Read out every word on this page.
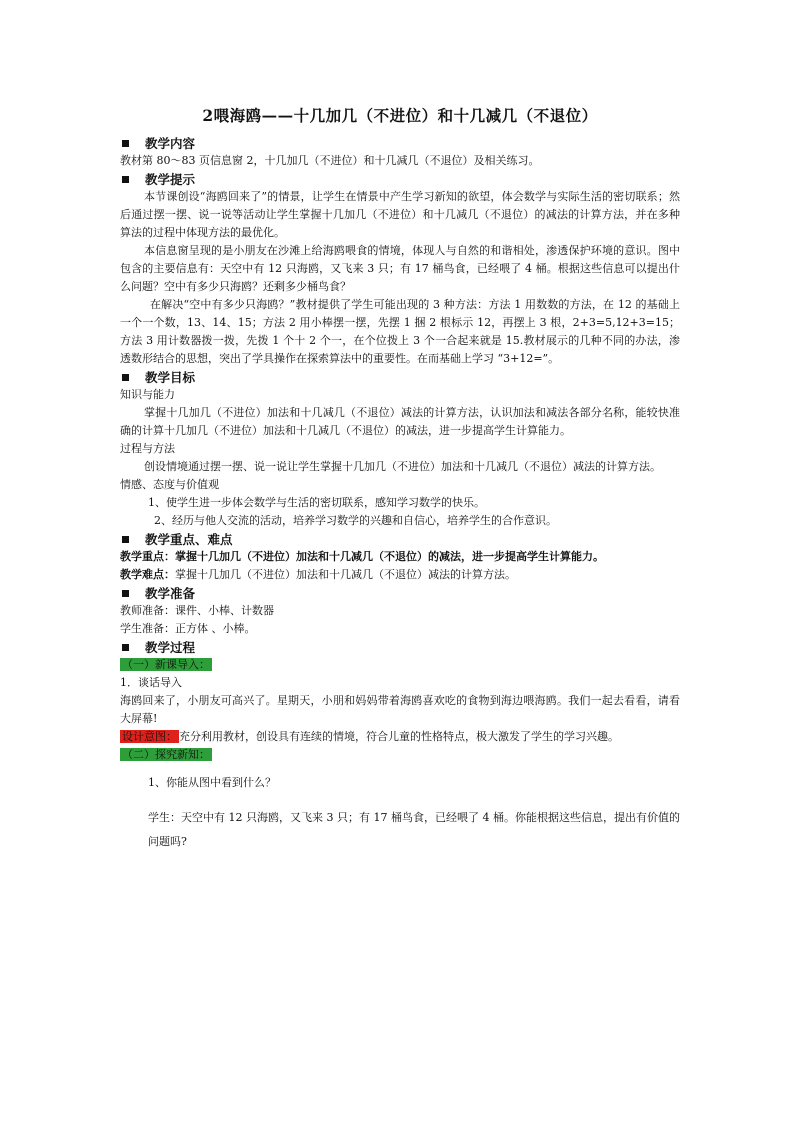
2喂海鸥——十几加几（不进位）和十几减几（不退位）
教学内容

教材第 80～83 页信息窗 2，十几加几（不进位）和十几减几（不退位）及相关练习。

教学提示

本节课创设“海鸥回来了”的情景，让学生在情景中产生学习新知的欲望，体会数学与实际生活的密切联系；然后通过摆一摆、说一说等活动让学生掌握十几加几（不进位）和十几减几（不退位）的减法的计算方法，并在多种算法的过程中体现方法的最优化。

本信息窗呈现的是小朋友在沙滩上给海鸥喂食的情境，体现人与自然的和谐相处，渗透保护环境的意识。图中包含的主要信息有：天空中有 12 只海鸥，又飞来 3 只；有 17 桶鸟食，已经喂了 4 桶。根据这些信息可以提出什么问题？空中有多少只海鸥？还剩多少桶鸟食？

在解决“空中有多少只海鸥？”教材提供了学生可能出现的 3 种方法：方法 1 用数数的方法，在 12 的基础上一个一个数，13、14、15；方法 2 用小棒摆一摆，先摆 1 捆 2 根标示 12，再摆上 3 根，2+3=5,12+3=15；方法 3 用计数器拨一拨，先拨 1 个十 2 个一，在个位拨上 3 个一合起来就是 15.教材展示的几种不同的办法，渗透数形结合的思想，突出了学具操作在探索算法中的重要性。在而基础上学习 “3+12=”。

教学目标

知识与能力

掌握十几加几（不进位）加法和十几减几（不退位）减法的计算方法，认识加法和减法各部分名称，能较快准确的计算十几加几（不进位）加法和十几减几（不退位）的减法，进一步提高学生计算能力。

过程与方法

创设情境通过摆一摆、说一说让学生掌握十几加几（不进位）加法和十几减几（不退位）减法的计算方法。

情感、态度与价值观

1、使学生进一步体会数学与生活的密切联系，感知学习数学的快乐。

2、经历与他人交流的活动，培养学习数学的兴趣和自信心，培养学生的合作意识。

教学重点、难点

教学重点：掌握十几加几（不进位）加法和十几减几（不退位）的减法，进一步提高学生计算能力。

教学难点：掌握十几加几（不进位）加法和十几减几（不退位）减法的计算方法。

教学准备

教师准备：课件、小棒、计数器

学生准备：正方体 、小棒。

教学过程

（一）新课导入：

1．谈话导入

海鸥回来了，小朋友可高兴了。星期天，小朋和妈妈带着海鸥喜欢吃的食物到海边喂海鸥。我们一起去看看，请看大屏幕!

设计意图： 充分利用教材，创设具有连续的情境，符合儿童的性格特点，极大激发了学生的学习兴趣。

（二）探究新知：

1、你能从图中看到什么？

学生：天空中有 12 只海鸥，又飞来 3 只；有 17 桶鸟食，已经喂了 4 桶。你能根据这些信息，提出有价值的问题吗?
